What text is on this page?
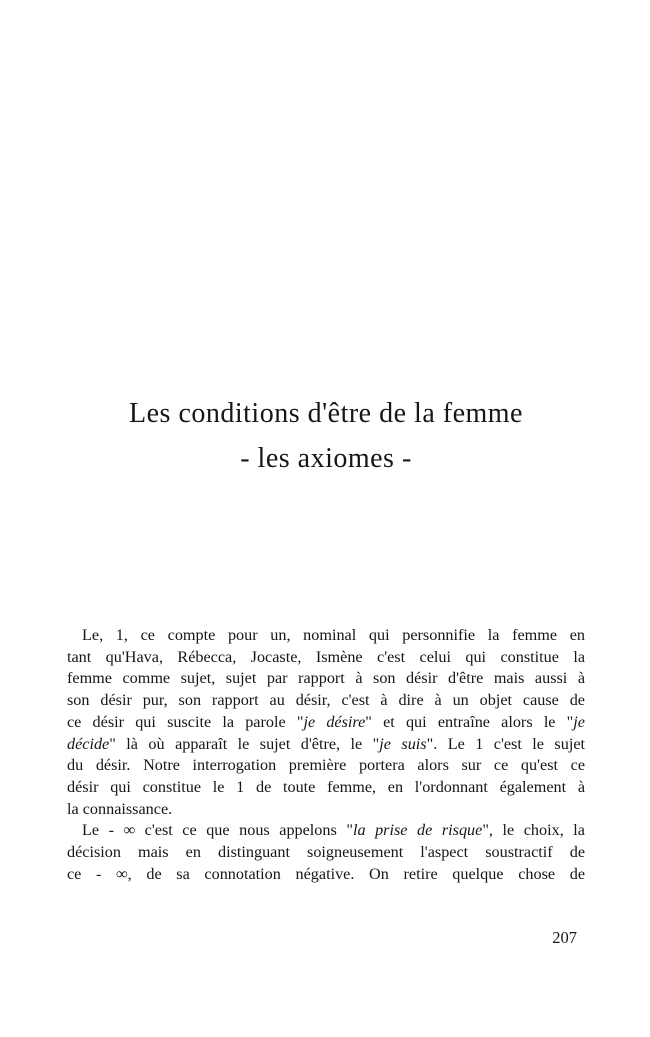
Les conditions d'être de la femme
- les axiomes -
Le, 1, ce compte pour un, nominal qui personnifie la femme en
tant qu'Hava, Rébecca, Jocaste, Ismène c'est celui qui constitue la
femme comme sujet, sujet par rapport à son désir d'être mais aussi à
son désir pur, son rapport au désir, c'est à dire à un objet cause de
ce désir qui suscite la parole "je désire" et qui entraîne alors le "je
décide" là où apparaît le sujet d'être, le "je suis". Le 1 c'est le sujet
du désir. Notre interrogation première portera alors sur ce qu'est ce
désir qui constitue le 1 de toute femme, en l'ordonnant également à
la connaissance.
Le - ∞ c'est ce que nous appelons "la prise de risque", le choix, la
décision mais en distinguant soigneusement l'aspect soustractif de
ce - ∞, de sa connotation négative. On retire quelque chose de
207
